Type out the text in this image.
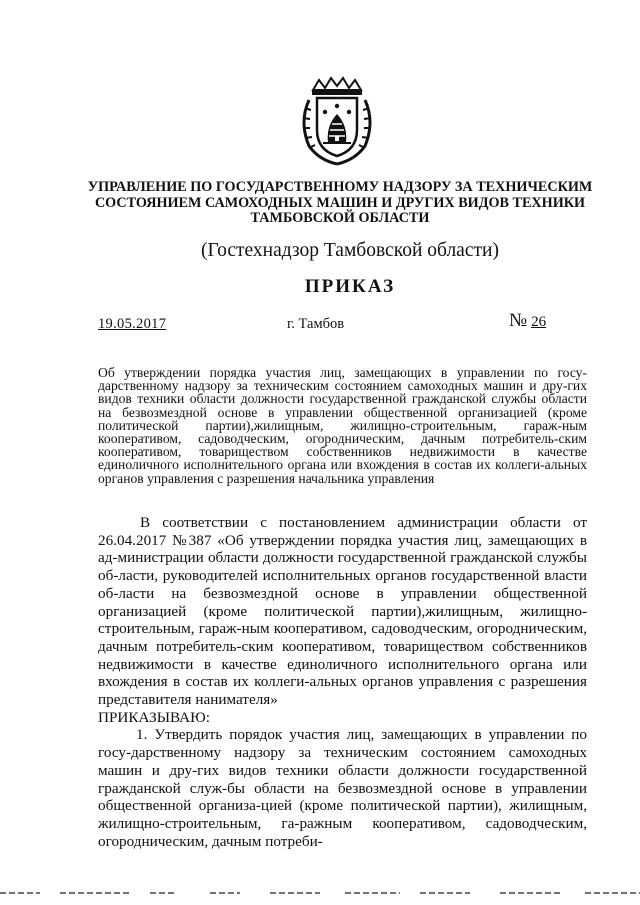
УПРАВЛЕНИЕ ПО ГОСУДАРСТВЕННОМУ НАДЗОРУ ЗА ТЕХНИЧЕСКИМ
СОСТОЯНИЕМ САМОХОДНЫХ МАШИН И ДРУГИХ ВИДОВ ТЕХНИКИ
ТАМБОВСКОЙ ОБЛАСТИ
(Гостехнадзор Тамбовской области)
ПРИКАЗ
19.05.2017	г. Тамбов	№ 26
Об утверждении порядка участия лиц, замещающих в управлении по госу-дарственному надзору за техническим состоянием самоходных машин и дру-гих видов техники области должности государственной гражданской службы области на безвозмездной основе в управлении общественной организацией (кроме политической партии),жилищным, жилищно-строительным, гараж-ным кооперативом, садоводческим, огородническим, дачным потребитель-ским кооперативом, товариществом собственников недвижимости в качестве единоличного исполнительного органа или вхождения в состав их коллеги-альных органов управления с разрешения начальника управления

В соответствии с постановлением администрации области от 26.04.2017 №387 «Об утверждении порядка участия лиц, замещающих в ад-министрации области должности государственной гражданской службы об-ласти, руководителей исполнительных органов государственной власти об-ласти на безвозмездной основе в управлении общественной организацией (кроме политической партии),жилищным, жилищно-строительным, гараж-ным кооперативом, садоводческим, огородническим, дачным потребитель-ским кооперативом, товариществом собственников недвижимости в качестве единоличного исполнительного органа или вхождения в состав их коллеги-альных органов управления с разрешения представителя нанимателя»

ПРИКАЗЫВАЮ:

1. Утвердить порядок участия лиц, замещающих в управлении по госу-дарственному надзору за техническим состоянием самоходных машин и дру-гих видов техники области должности государственной гражданской служ-бы области на безвозмездной основе в управлении общественной организа-цией (кроме политической партии), жилищным, жилищно-строительным, га-ражным кооперативом, садоводческим, огородническим, дачным потреби-
